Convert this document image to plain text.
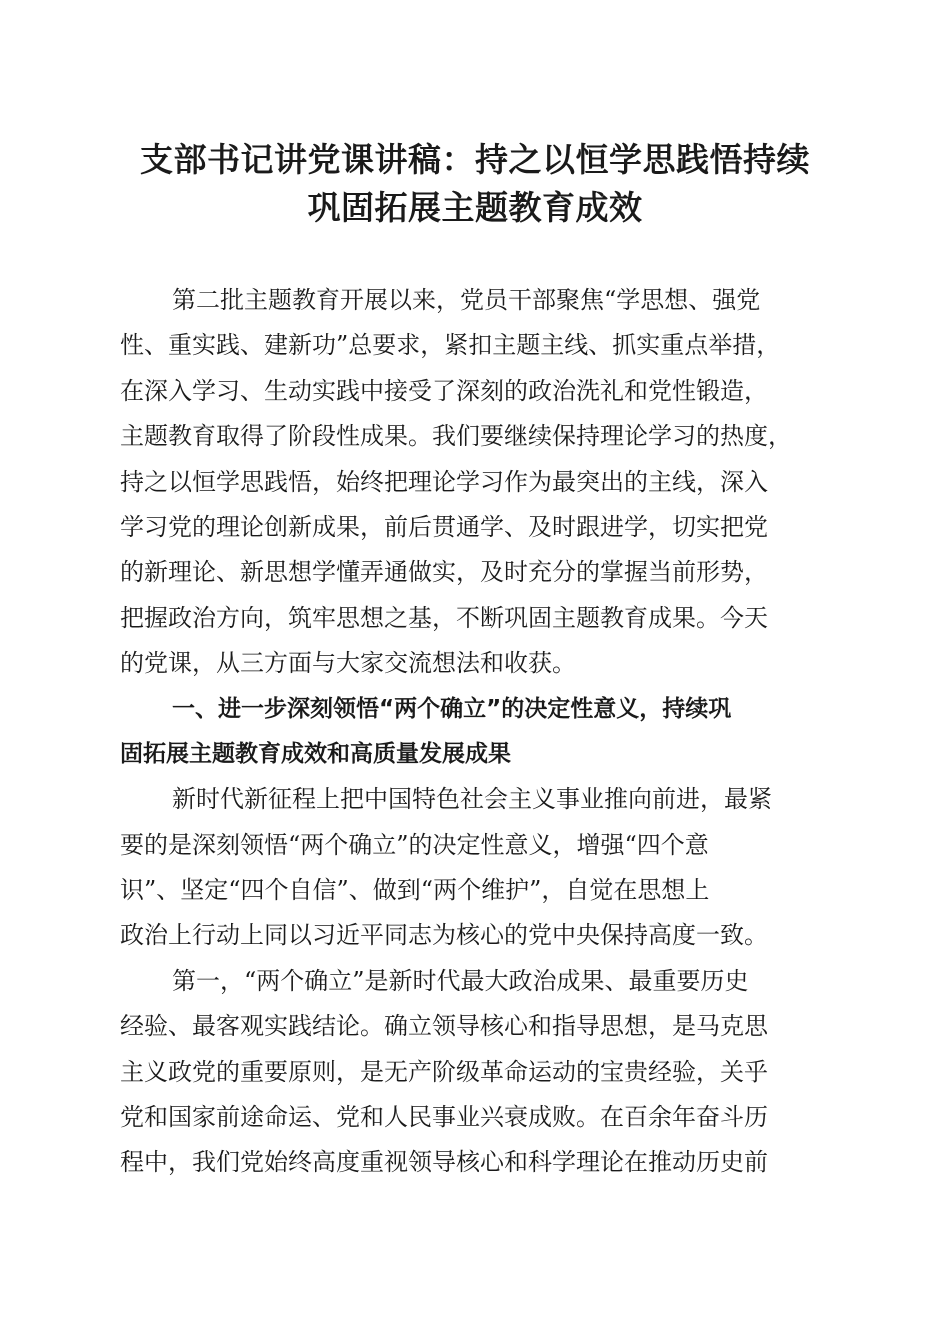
支部书记讲党课讲稿：持之以恒学思践悟持续
巩固拓展主题教育成效
第二批主题教育开展以来，党员干部聚焦“学思想、强党
性、重实践、建新功”总要求，紧扣主题主线、抓实重点举措，
在深入学习、生动实践中接受了深刻的政治洗礼和党性锻造，
主题教育取得了阶段性成果。我们要继续保持理论学习的热度，
持之以恒学思践悟，始终把理论学习作为最突出的主线，深入
学习党的理论创新成果，前后贯通学、及时跟进学，切实把党
的新理论、新思想学懂弄通做实，及时充分的掌握当前形势，
把握政治方向，筑牢思想之基，不断巩固主题教育成果。今天
的党课，从三方面与大家交流想法和收获。
一、进一步深刻领悟“两个确立”的决定性意义，持续巩
固拓展主题教育成效和高质量发展成果
新时代新征程上把中国特色社会主义事业推向前进，最紧
要的是深刻领悟“两个确立”的决定性意义，增强“四个意
识”、坚定“四个自信”、做到“两个维护”，自觉在思想上
政治上行动上同以习近平同志为核心的党中央保持高度一致。
第一，“两个确立”是新时代最大政治成果、最重要历史
经验、最客观实践结论。确立领导核心和指导思想，是马克思
主义政党的重要原则，是无产阶级革命运动的宝贵经验，关乎
党和国家前途命运、党和人民事业兴衰成败。在百余年奋斗历
程中，我们党始终高度重视领导核心和科学理论在推动历史前
